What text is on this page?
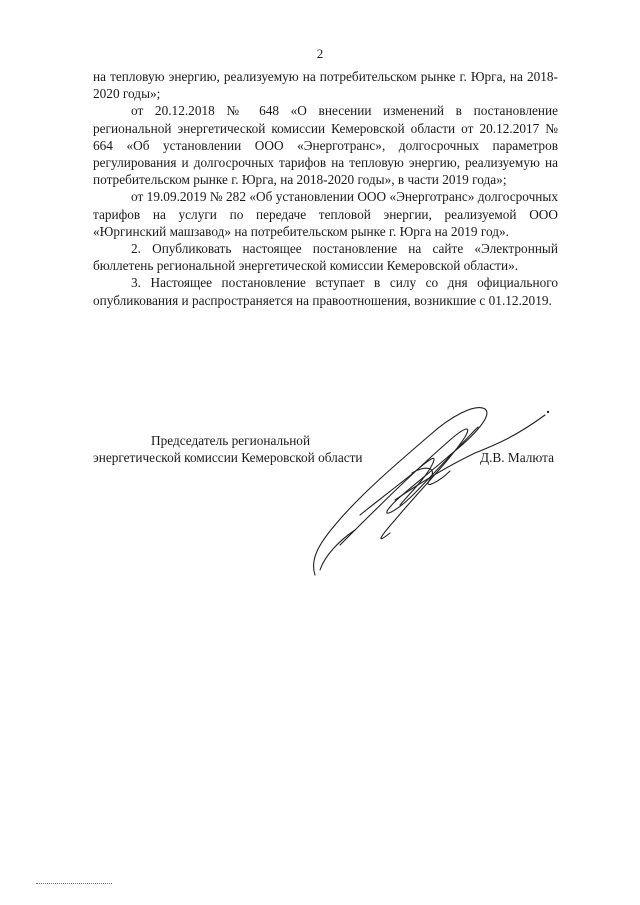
2

на тепловую энергию, реализуемую на потребительском рынке г. Юрга, на 2018-2020 годы»;

от 20.12.2018 № 648 «О внесении изменений в постановление региональной энергетической комиссии Кемеровской области от 20.12.2017 № 664 «Об установлении ООО «Энерготранс», долгосрочных параметров регулирования и долгосрочных тарифов на тепловую энергию, реализуемую на потребительском рынке г. Юрга, на 2018-2020 годы», в части 2019 года»;

от 19.09.2019 № 282 «Об установлении ООО «Энерготранс» долгосрочных тарифов на услуги по передаче тепловой энергии, реализуемой ООО «Юргинский машзавод» на потребительском рынке г. Юрга на 2019 год».

2. Опубликовать настоящее постановление на сайте «Электронный бюллетень региональной энергетической комиссии Кемеровской области».

3. Настоящее постановление вступает в силу со дня официального опубликования и распространяется на правоотношения, возникшие с 01.12.2019.

Председатель региональной
энергетической комиссии Кемеровской области	Д.В. Малюта
